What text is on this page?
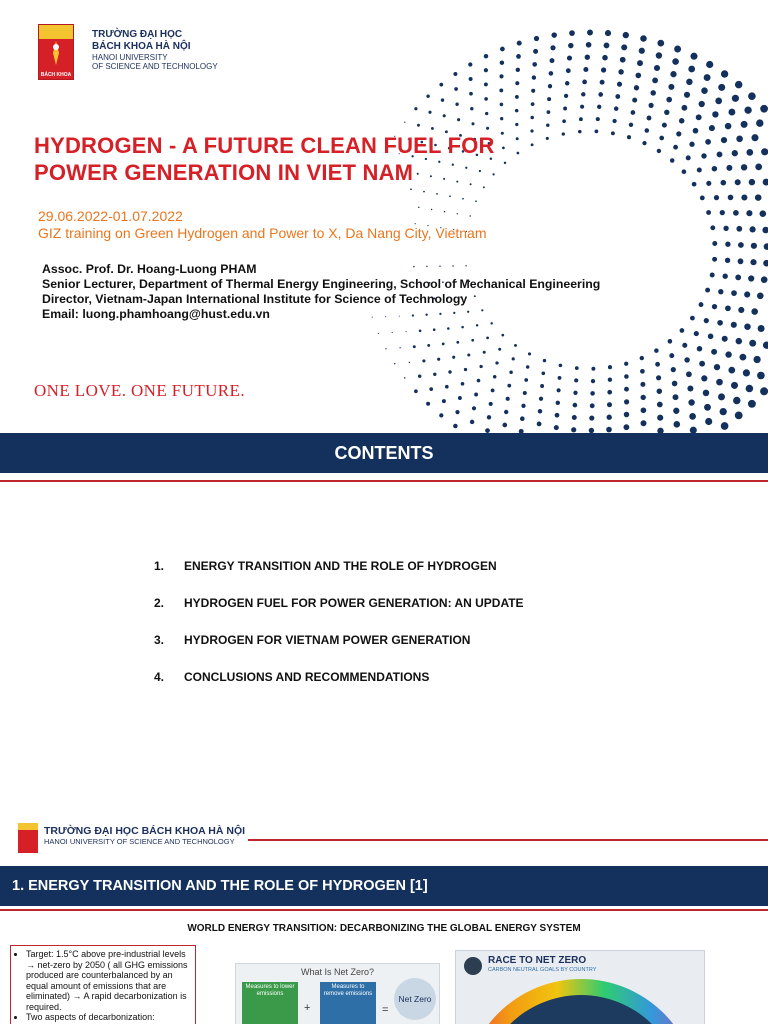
BÁCH KHOA
TRƯỜNG ĐẠI HỌC
BÁCH KHOA HÀ NỘI
HANOI UNIVERSITY
OF SCIENCE AND TECHNOLOGY
HYDROGEN - A FUTURE CLEAN FUEL FOR
POWER GENERATION IN VIET NAM
29.06.2022-01.07.2022
GIZ training on Green Hydrogen and Power to X, Da Nang City, Vietnam
Assoc. Prof. Dr. Hoang-Luong PHAM
Senior Lecturer, Department of Thermal Energy Engineering, School of Mechanical Engineering
Director, Vietnam-Japan International Institute for Science of Technology
Email: luong.phamhoang@hust.edu.vn
ONE LOVE. ONE FUTURE.
CONTENTS
1. ENERGY TRANSITION AND THE ROLE OF HYDROGEN
2. HYDROGEN FUEL FOR POWER GENERATION: AN UPDATE
3. HYDROGEN FOR VIETNAM POWER GENERATION
4. CONCLUSIONS AND RECOMMENDATIONS
TRƯỜNG ĐẠI HỌC BÁCH KHOA HÀ NỘI
HANOI UNIVERSITY OF SCIENCE AND TECHNOLOGY
1. ENERGY TRANSITION AND THE ROLE OF HYDROGEN [1]
WORLD ENERGY TRANSITION: DECARBONIZING THE GLOBAL ENERGY SYSTEM
• Target: 1.5°C above pre-industrial levels → net-zero by 2050 ( all GHG emissions produced are counterbalanced by an equal amount of emissions that are eliminated) → A rapid decarbonization is required.
• Two aspects of decarbonization:
What Is Net Zero?
Measures to lower emissions
+
Measures to remove emissions
=
Net Zero
RACE TO NET ZERO
CARBON NEUTRAL GOALS BY COUNTRY
